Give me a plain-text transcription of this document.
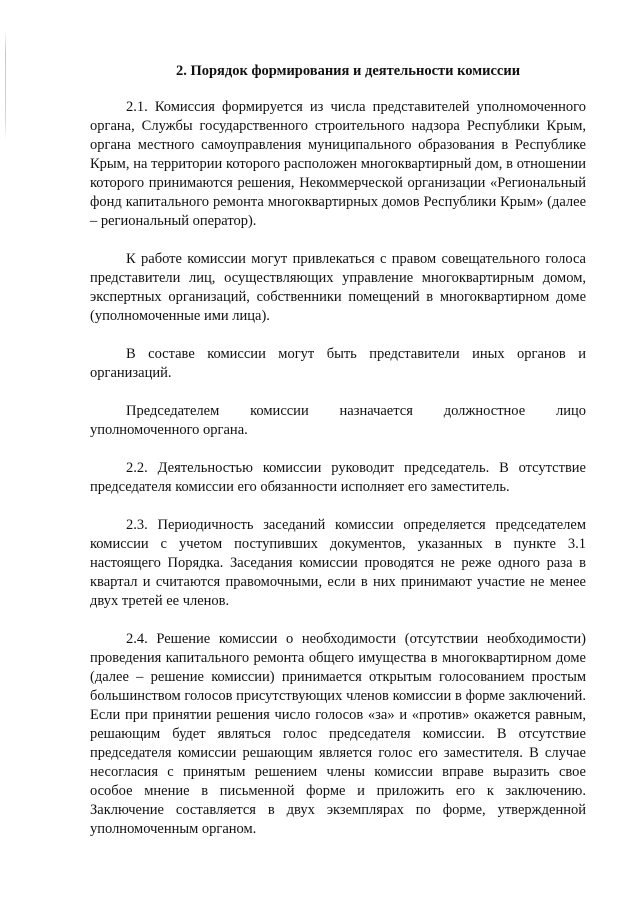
2. Порядок формирования и деятельности комиссии

2.1. Комиссия формируется из числа представителей уполномоченного органа, Службы государственного строительного надзора Республики Крым, органа местного самоуправления муниципального образования в Республике Крым, на территории которого расположен многоквартирный дом, в отношении которого принимаются решения, Некоммерческой организации «Региональный фонд капитального ремонта многоквартирных домов Республики Крым» (далее – региональный оператор).

К работе комиссии могут привлекаться с правом совещательного голоса представители лиц, осуществляющих управление многоквартирным домом, экспертных организаций, собственники помещений в многоквартирном доме (уполномоченные ими лица).

В составе комиссии могут быть представители иных органов и организаций.

Председателем комиссии назначается должностное лицо уполномоченного органа.

2.2. Деятельностью комиссии руководит председатель. В отсутствие председателя комиссии его обязанности исполняет его заместитель.

2.3. Периодичность заседаний комиссии определяется председателем комиссии с учетом поступивших документов, указанных в пункте 3.1 настоящего Порядка. Заседания комиссии проводятся не реже одного раза в квартал и считаются правомочными, если в них принимают участие не менее двух третей ее членов.

2.4. Решение комиссии о необходимости (отсутствии необходимости) проведения капитального ремонта общего имущества в многоквартирном доме (далее – решение комиссии) принимается открытым голосованием простым большинством голосов присутствующих членов комиссии в форме заключений. Если при принятии решения число голосов «за» и «против» окажется равным, решающим будет являться голос председателя комиссии. В отсутствие председателя комиссии решающим является голос его заместителя. В случае несогласия с принятым решением члены комиссии вправе выразить свое особое мнение в письменной форме и приложить его к заключению. Заключение составляется в двух экземплярах по форме, утвержденной уполномоченным органом.
